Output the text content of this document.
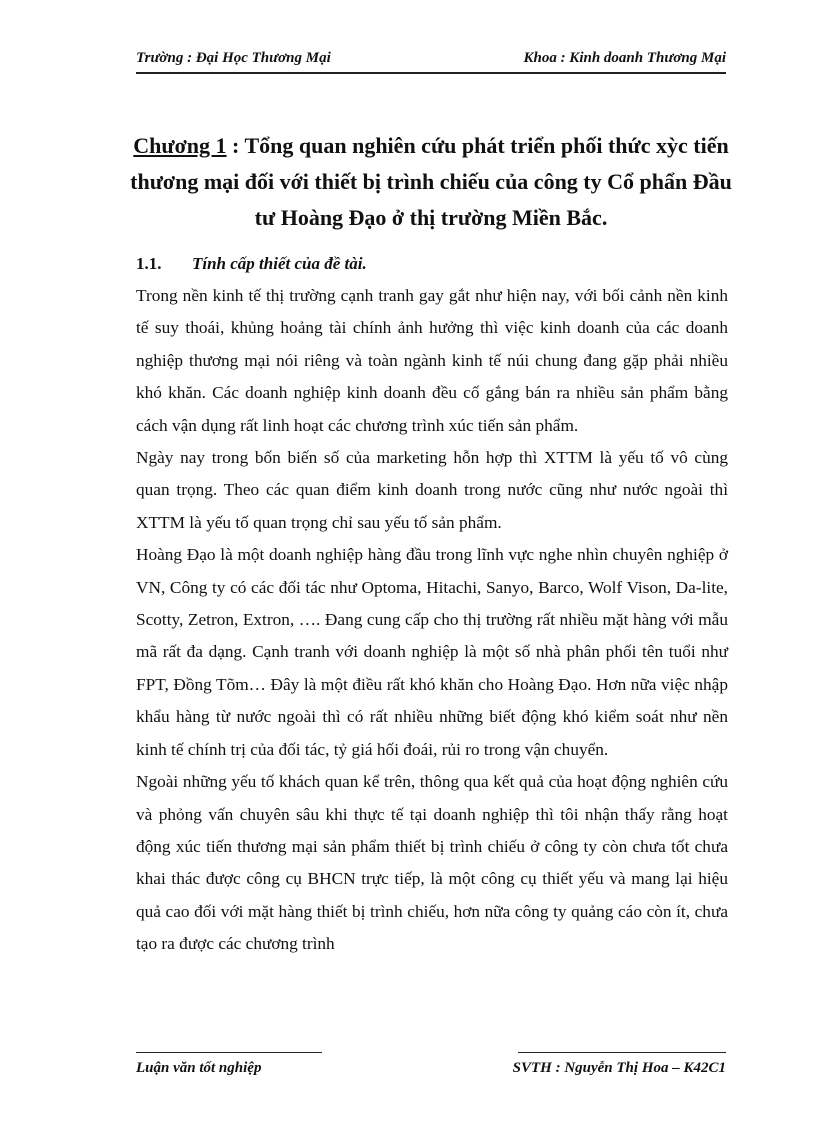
Trường : Đại Học Thương Mại	Khoa : Kinh doanh Thương Mại
Chương 1 : Tổng quan nghiên cứu phát triển phối thức xỳc tiến thương mại đối với thiết bị trình chiếu của công ty Cổ phẩn Đầu tư Hoàng Đạo ở thị trường Miền Bắc.
1.1. Tính cấp thiết của đề tài.

Trong nền kinh tế thị trường cạnh tranh gay gắt như hiện nay, với bối cảnh nền kinh tế suy thoái, khủng hoảng tài chính ảnh hưởng thì việc kinh doanh của các doanh nghiệp thương mại nói riêng và toàn ngành kinh tế núi chung đang gặp phải nhiều khó khăn. Các doanh nghiệp kinh doanh đều cố gắng bán ra nhiều sản phẩm bằng cách vận dụng rất linh hoạt các chương trình xúc tiến sản phẩm.

Ngày nay trong bốn biến số của marketing hỗn hợp thì XTTM là yếu tố vô cùng quan trọng. Theo các quan điểm kinh doanh trong nước cũng như nước ngoài thì XTTM là yếu tố quan trọng chỉ sau yếu tố sản phẩm.

Hoàng Đạo là một doanh nghiệp hàng đầu trong lĩnh vực nghe nhìn chuyên nghiệp ở VN, Công ty có các đối tác như Optoma, Hitachi, Sanyo, Barco, Wolf Vison, Da-lite, Scotty, Zetron, Extron, …. Đang cung cấp cho thị trường rất nhiều mặt hàng với mẫu mã rất đa dạng. Cạnh tranh với doanh nghiệp là một số nhà phân phối tên tuổi như FPT, Đồng Tõm… Đây là một điều rất khó khăn cho Hoàng Đạo. Hơn nữa việc nhập khẩu hàng từ nước ngoài thì có rất nhiều những biết động khó kiểm soát như nền kinh tế chính trị của đối tác, tỷ giá hối đoái, rủi ro trong vận chuyển.

Ngoài những yếu tố khách quan kể trên, thông qua kết quả của hoạt động nghiên cứu và phỏng vấn chuyên sâu khi thực tế tại doanh nghiệp thì tôi nhận thấy rằng hoạt động xúc tiến thương mại sản phẩm thiết bị trình chiếu ở công ty còn chưa tốt chưa khai thác được công cụ BHCN trực tiếp, là một công cụ thiết yếu và mang lại hiệu quả cao đối với mặt hàng thiết bị trình chiếu, hơn nữa công ty quảng cáo còn ít, chưa tạo ra được các chương trình

Luận văn tốt nghiệp	SVTH : Nguyễn Thị Hoa – K42C1
